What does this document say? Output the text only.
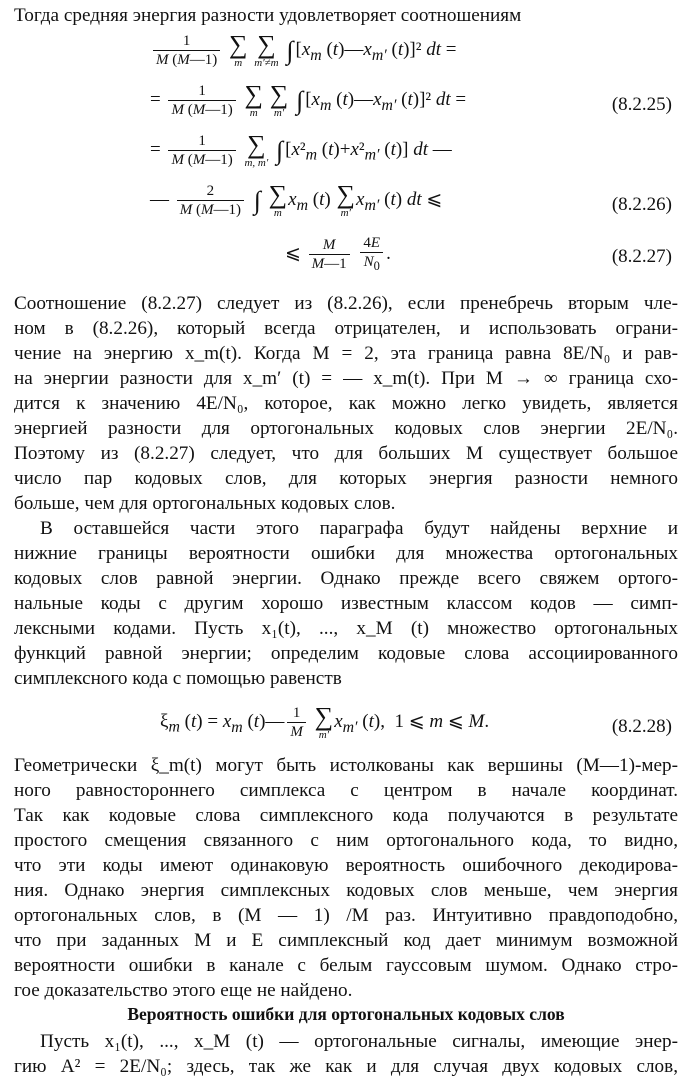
Тогда средняя энергия разности удовлетворяет соотношениям
$\frac{1}{M (M—1)}$
∑
m

∑
m′≠m ∫ [$x_m$ $(t)—x_{m'}$ (t)]² dt =
= $\frac{1}{M (M—1)}$
∑
m

∑
m′ ∫ [$x_m$ $(t)—x_{m'}$ (t)]² dt =	(8.2.25)
= $\frac{1}{M (M—1)}$
∑
m, m′ ∫ [$x^2_m$ $(t)+x^2_{m'}$ (t)] dt —
— $\frac{2}{M (M—1)}$ ∫ ∑
m
$x_m$ (t) ∑
m′
$x_{m'}$ (t) dt ⩽	(8.2.26)
⩽ $\frac{M}{M—1}$
$\frac{4E}{N_0}$ .	(8.2.27)
Соотношение (8.2.27) следует из (8.2.26), если пренебречь вторым чле-
ном в (8.2.26), который всегда отрицателен, и использовать ограни-
чение на энергию x_m(t). Когда M = 2, эта граница равна 8E/N₀ и рав-
на энергии разности для x_m′ (t) = — x_m(t). При M → ∞ граница схо-
дится к значению 4E/N₀, которое, как можно легко увидеть, является
энергией разности для ортогональных кодовых слов энергии 2E/N₀.
Поэтому из (8.2.27) следует, что для больших M существует большое
число пар кодовых слов, для которых энергия разности немного
больше, чем для ортогональных кодовых слов.
В оставшейся части этого параграфа будут найдены верхние и
нижние границы вероятности ошибки для множества ортогональных
кодовых слов равной энергии. Однако прежде всего свяжем ортого-
нальные коды с другим хорошо известным классом кодов — симп-
лексными кодами. Пусть x₁(t), ..., x_M (t) множество ортогональных
функций равной энергии; определим кодовые слова ассоциированного
симплексного кода с помощью равенств
$\xi_m$ $(t) = x_m$ (t)— $\frac{1}{M}$
∑
m′
$x_{m'}$ (t),  1 ⩽ m ⩽ M.	(8.2.28)
Геометрически ξ_m(t) могут быть истолкованы как вершины (M—1)-мер-
ного равностороннего симплекса с центром в начале координат.
Так как кодовые слова симплексного кода получаются в результате
простого смещения связанного с ним ортогонального кода, то видно,
что эти коды имеют одинаковую вероятность ошибочного декодирова-
ния. Однако энергия симплексных кодовых слов меньше, чем энергия
ортогональных слов, в (M — 1) /M раз. Интуитивно правдоподобно,
что при заданных M и E симплексный код дает минимум возможной
вероятности ошибки в канале с белым гауссовым шумом. Однако стро-
гое доказательство этого еще не найдено.
Вероятность ошибки для ортогональных кодовых слов
Пусть x₁(t), ..., x_M (t) — ортогональные сигналы, имеющие энер-
гию A² = 2E/N₀; здесь, так же как и для случая двух кодовых слов,
